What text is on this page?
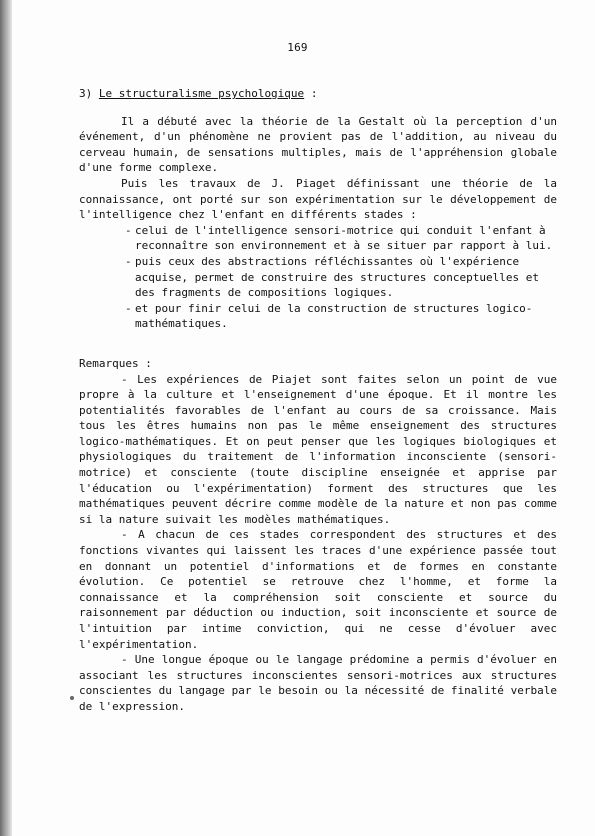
169
3) Le structuralisme psychologique :

Il a débuté avec la théorie de la Gestalt où la perception d'un événement, d'un phénomène ne provient pas de l'addition, au niveau du cerveau humain, de sensations multiples, mais de l'appréhension globale d'une forme complexe.

Puis les travaux de J. Piaget définissant une théorie de la connaissance, ont porté sur son expérimentation sur le développement de l'intelligence chez l'enfant en différents stades :

- celui de l'intelligence sensori-motrice qui conduit l'enfant à reconnaître son environnement et à se situer par rapport à lui.
- puis ceux des abstractions réfléchissantes où l'expérience acquise, permet de construire des structures conceptuelles et des fragments de compositions logiques.
- et pour finir celui de la construction de structures logico-mathématiques.

Remarques :

- Les expériences de Piajet sont faites selon un point de vue propre à la culture et l'enseignement d'une époque. Et il montre les potentialités favorables de l'enfant au cours de sa croissance. Mais tous les êtres humains non pas le même enseignement des structures logico-mathématiques. Et on peut penser que les logiques biologiques et physiologiques du traitement de l'information inconsciente (sensori-motrice) et consciente (toute discipline enseignée et apprise par l'éducation ou l'expérimentation) forment des structures que les mathématiques peuvent décrire comme modèle de la nature et non pas comme si la nature suivait les modèles mathématiques.

- A chacun de ces stades correspondent des structures et des fonctions vivantes qui laissent les traces d'une expérience passée tout en donnant un potentiel d'informations et de formes en constante évolution. Ce potentiel se retrouve chez l'homme, et forme la connaissance et la compréhension soit consciente et source du raisonnement par déduction ou induction, soit inconsciente et source de l'intuition par intime conviction, qui ne cesse d'évoluer avec l'expérimentation.

- Une longue époque ou le langage prédomine a permis d'évoluer en associant les structures inconscientes sensori-motrices aux structures conscientes du langage par le besoin ou la nécessité de finalité verbale de l'expression.
